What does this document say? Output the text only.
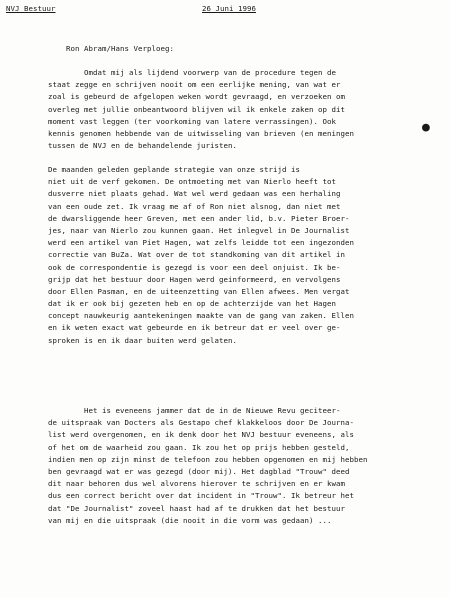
NVJ Bestuur	26 Juni 1996
Ron Abram/Hans Verploeg:
Omdat mij als lijdend voorwerp van de procedure tegen de
staat zegge en schrijven nooit om een eerlijke mening, van wat er
zoal is gebeurd de afgelopen weken wordt gevraagd, en verzoeken om
overleg met jullie onbeantwoord blijven wil ik enkele zaken op dit
moment vast leggen (ter voorkoming van latere verrassingen). Ook
kennis genomen hebbende van de uitwisseling van brieven (en meningen
tussen de NVJ en de behandelende juristen.
De maanden geleden geplande strategie van onze strijd is
niet uit de verf gekomen. De ontmoeting met van Nierlo heeft tot
dusverre niet plaats gehad. Wat wel werd gedaan was een herhaling
van een oude zet. Ik vraag me af of Ron niet alsnog, dan niet met
de dwarsliggende heer Greven, met een ander lid, b.v. Pieter Broer-
jes, naar van Nierlo zou kunnen gaan. Het inlegvel in De Journalist
werd een artikel van Piet Hagen, wat zelfs leidde tot een ingezonden
correctie van BuZa. Wat over de tot standkoming van dit artikel in
ook de correspondentie is gezegd is voor een deel onjuist. Ik be-
grijp dat het bestuur door Hagen werd geinformeerd, en vervolgens
door Ellen Pasman, en de uiteenzetting van Ellen afwees. Men vergat
dat ik er ook bij gezeten heb en op de achterzijde van het Hagen
concept nauwkeurig aantekeningen maakte van de gang van zaken. Ellen
en ik weten exact wat gebeurde en ik betreur dat er veel over ge-
sproken is en ik daar buiten werd gelaten.
Het is eveneens jammer dat de in de Nieuwe Revu geciteer-
de uitspraak van Docters als Gestapo chef klakkeloos door De Journa-
list werd overgenomen, en ik denk door het NVJ bestuur eveneens, als
of het om de waarheid zou gaan. Ik zou het op prijs hebben gesteld,
indien men op zijn minst de telefoon zou hebben opgenomen en mij hebben
ben gevraagd wat er was gezegd (door mij). Het dagblad "Trouw" deed
dit naar behoren dus wel alvorens hierover te schrijven en er kwam
dus een correct bericht over dat incident in "Trouw". Ik betreur het
dat "De Journalist" zoveel haast had af te drukken dat het bestuur
van mij en die uitspraak (die nooit in die vorm was gedaan) ...
●
